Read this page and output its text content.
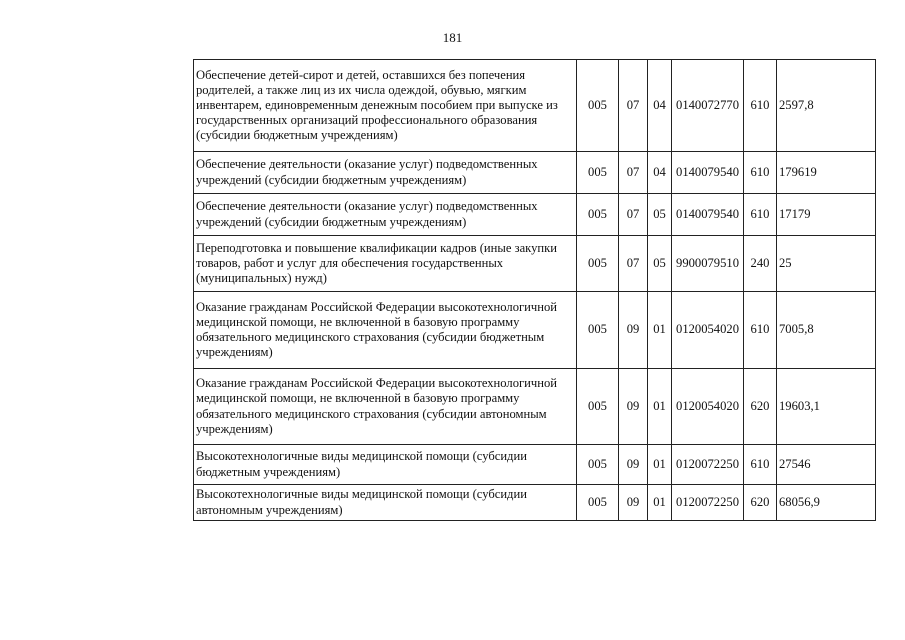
181
Обеспечение детей-сирот и детей, оставшихся без попечения родителей, а также лиц из их числа одеждой, обувью, мягким инвентарем, единовременным денежным пособием при выпуске из государственных организаций профессионального образования (субсидии бюджетным учреждениям)	005	07	04	0140072770	610	2597,8
Обеспечение деятельности (оказание услуг) подведомственных учреждений (субсидии бюджетным учреждениям)	005	07	04	0140079540	610	179619
Обеспечение деятельности (оказание услуг) подведомственных учреждений (субсидии бюджетным учреждениям)	005	07	05	0140079540	610	17179
Переподготовка и повышение квалификации кадров (иные закупки товаров, работ и услуг для обеспечения государственных (муниципальных) нужд)	005	07	05	9900079510	240	25
Оказание гражданам Российской Федерации высокотехнологичной медицинской помощи, не включенной в базовую программу обязательного медицинского страхования (субсидии бюджетным учреждениям)	005	09	01	0120054020	610	7005,8
Оказание гражданам Российской Федерации высокотехнологичной медицинской помощи, не включенной в базовую программу обязательного медицинского страхования (субсидии автономным учреждениям)	005	09	01	0120054020	620	19603,1
Высокотехнологичные виды медицинской помощи (субсидии бюджетным учреждениям)	005	09	01	0120072250	610	27546
Высокотехнологичные виды медицинской помощи (субсидии автономным учреждениям)	005	09	01	0120072250	620	68056,9
